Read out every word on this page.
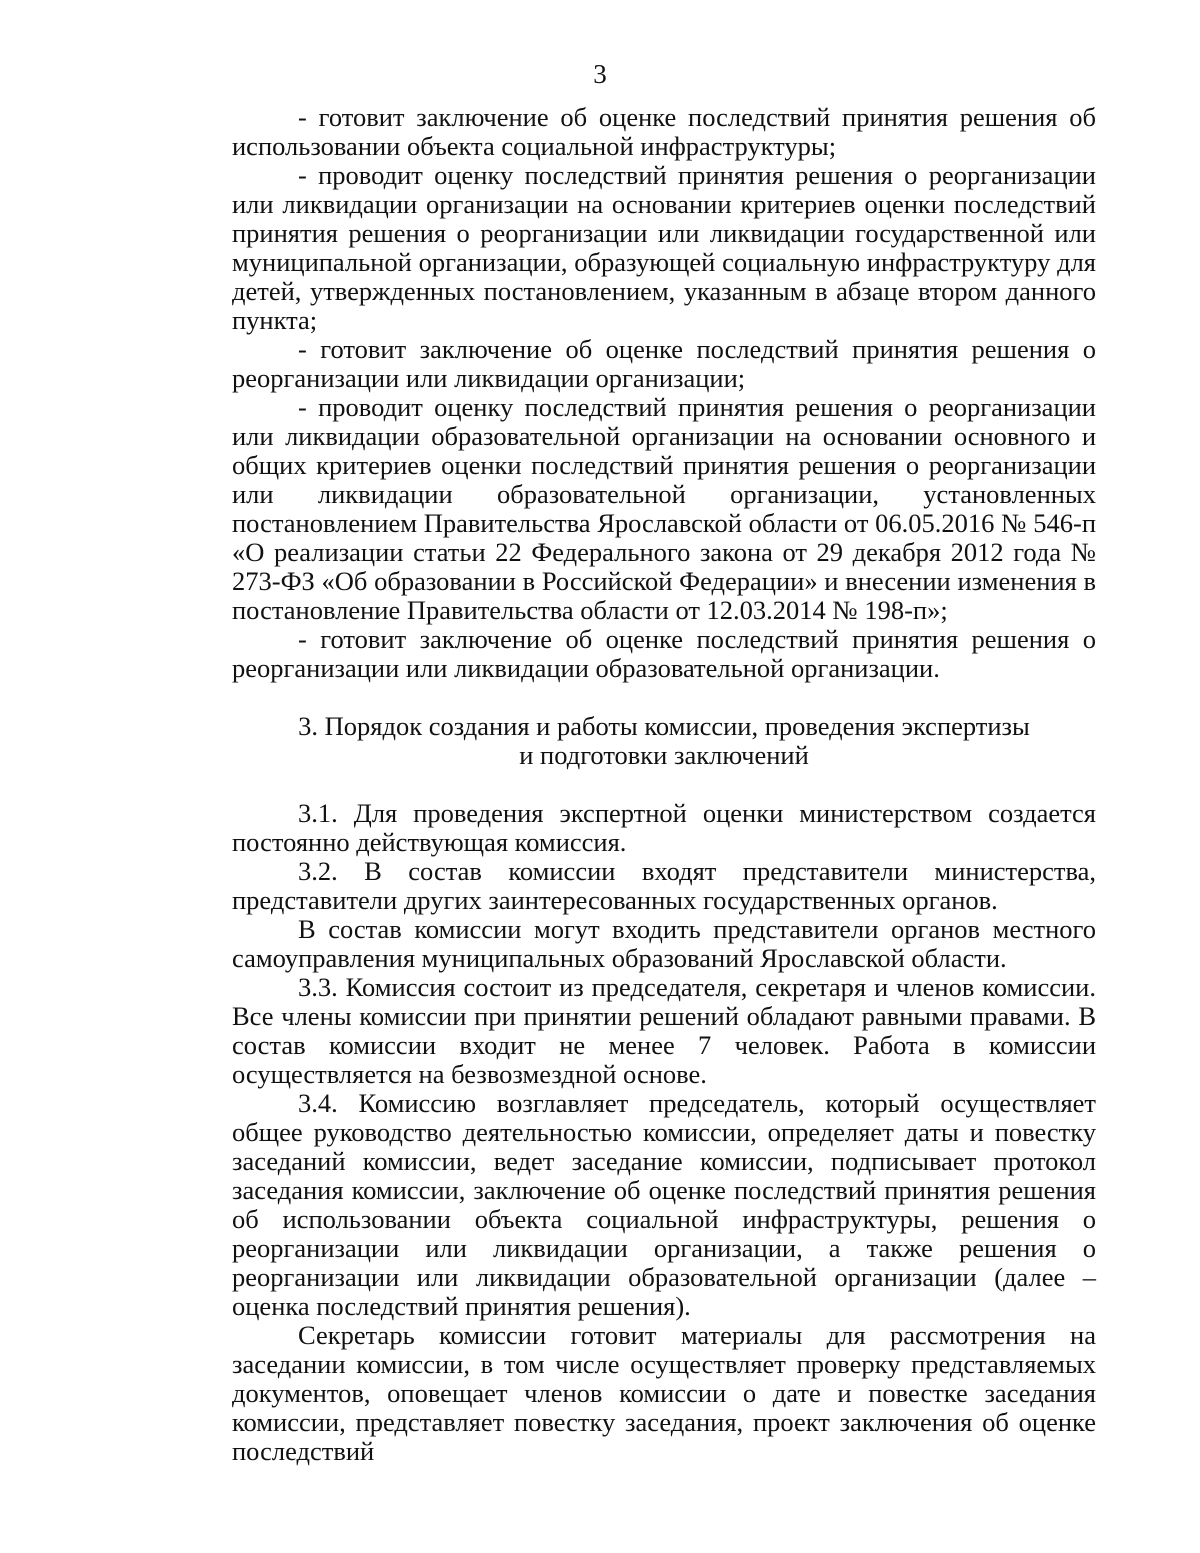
3

- готовит заключение об оценке последствий принятия решения об использовании объекта социальной инфраструктуры;

- проводит оценку последствий принятия решения о реорганизации или ликвидации организации на основании критериев оценки последствий принятия решения о реорганизации или ликвидации государственной или муниципальной организации, образующей социальную инфраструктуру для детей, утвержденных постановлением, указанным в абзаце втором данного пункта;

- готовит заключение об оценке последствий принятия решения о реорганизации или ликвидации организации;

- проводит оценку последствий принятия решения о реорганизации или ликвидации образовательной организации на основании основного и общих критериев оценки последствий принятия решения о реорганизации или ликвидации образовательной организации, установленных постановлением Правительства Ярославской области от 06.05.2016 № 546-п «О реализации статьи 22 Федерального закона от 29 декабря 2012 года № 273-ФЗ «Об образовании в Российской Федерации» и внесении изменения в постановление Правительства области от 12.03.2014 № 198-п»;

- готовит заключение об оценке последствий принятия решения о реорганизации или ликвидации образовательной организации.

3. Порядок создания и работы комиссии, проведения экспертизы
и подготовки заключений

3.1. Для проведения экспертной оценки министерством создается постоянно действующая комиссия.

3.2. В состав комиссии входят представители министерства, представители других заинтересованных государственных органов.

В состав комиссии могут входить представители органов местного самоуправления муниципальных образований Ярославской области.

3.3. Комиссия состоит из председателя, секретаря и членов комиссии. Все члены комиссии при принятии решений обладают равными правами. В состав комиссии входит не менее 7 человек. Работа в комиссии осуществляется на безвозмездной основе.

3.4. Комиссию возглавляет председатель, который осуществляет общее руководство деятельностью комиссии, определяет даты и повестку заседаний комиссии, ведет заседание комиссии, подписывает протокол заседания комиссии, заключение об оценке последствий принятия решения об использовании объекта социальной инфраструктуры, решения о реорганизации или ликвидации организации, а также решения о реорганизации или ликвидации образовательной организации (далее – оценка последствий принятия решения).

Секретарь комиссии готовит материалы для рассмотрения на заседании комиссии, в том числе осуществляет проверку представляемых документов, оповещает членов комиссии о дате и повестке заседания комиссии, представляет повестку заседания, проект заключения об оценке последствий
